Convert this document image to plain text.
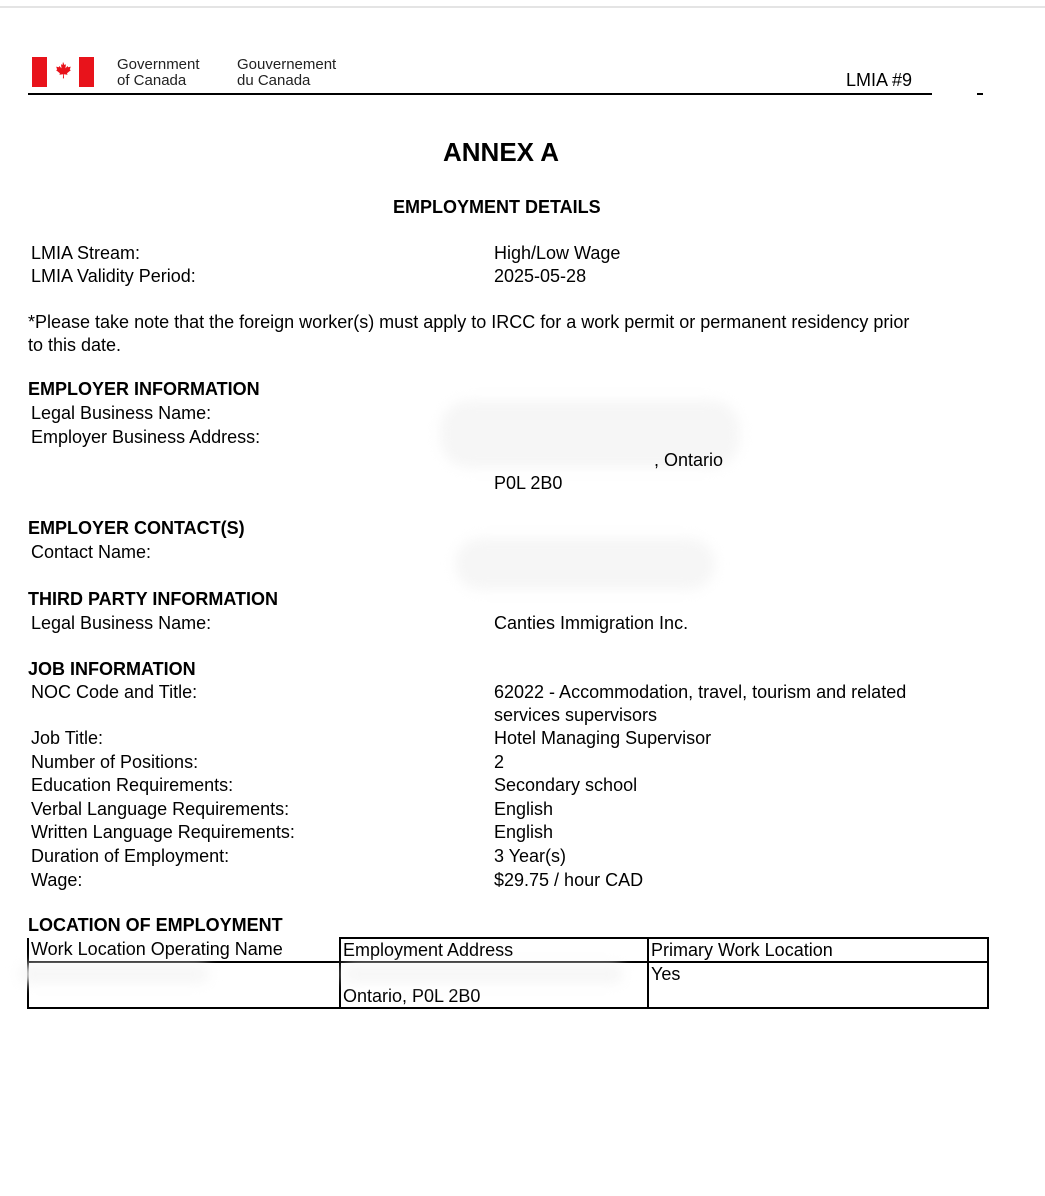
Government
of Canada
Gouvernement
du Canada	LMIA #9
ANNEX A
EMPLOYMENT DETAILS
LMIA Stream:	High/Low Wage
LMIA Validity Period:	2025-05-28
*Please take note that the foreign worker(s) must apply to IRCC for a work permit or permanent residency prior
to this date.
EMPLOYER INFORMATION
Legal Business Name:
Employer Business Address:
, Ontario
P0L 2B0
EMPLOYER CONTACT(S)
Contact Name:
THIRD PARTY INFORMATION
Legal Business Name:	Canties Immigration Inc.
JOB INFORMATION
NOC Code and Title:	62022 - Accommodation, travel, tourism and related
services supervisors
Job Title:	Hotel Managing Supervisor
Number of Positions:	2
Education Requirements:	Secondary school
Verbal Language Requirements:	English
Written Language Requirements:	English
Duration of Employment:	3 Year(s)
Wage:	$29.75 / hour CAD
LOCATION OF EMPLOYMENT
Work Location Operating Name	Employment Address	Primary Work Location

	Ontario, P0L 2B0	Yes
